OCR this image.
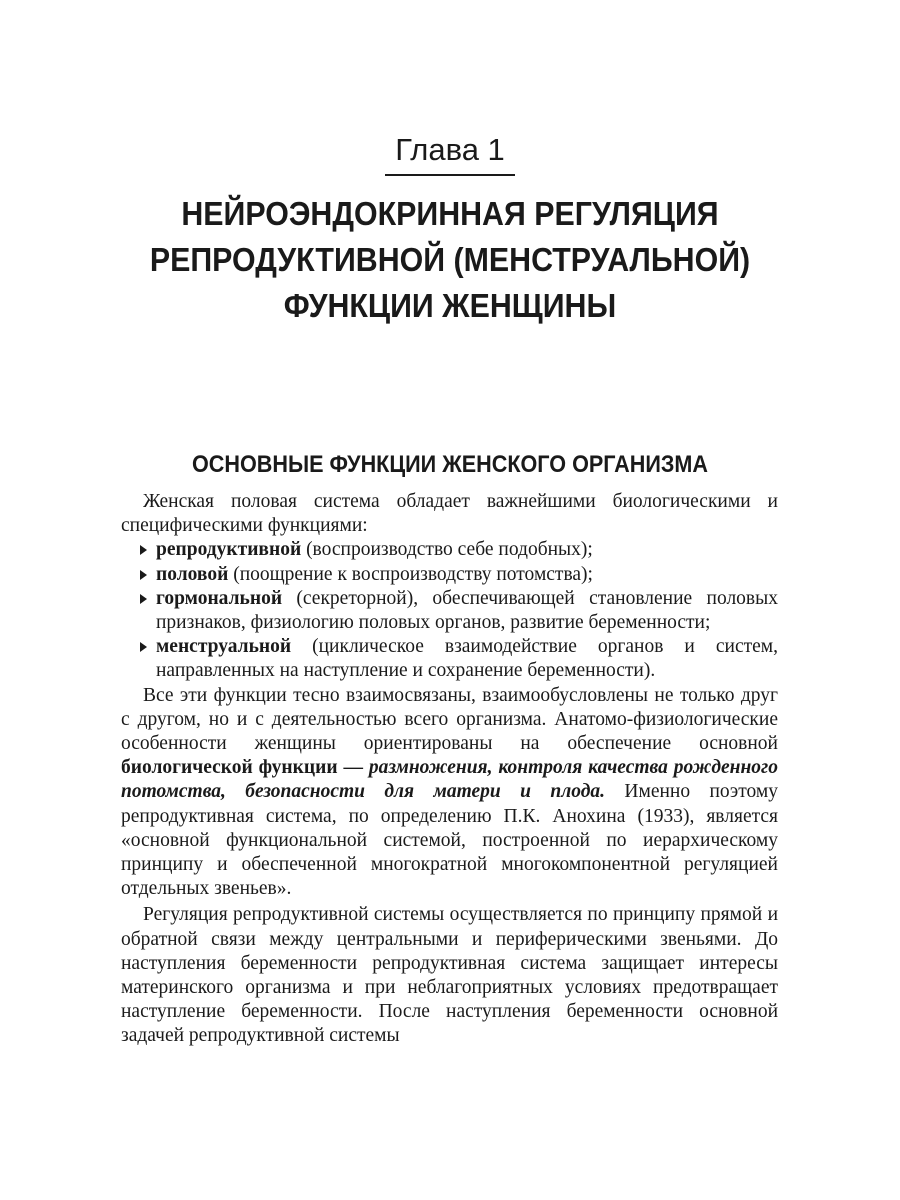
Глава 1
НЕЙРОЭНДОКРИННАЯ РЕГУЛЯЦИЯ
РЕПРОДУКТИВНОЙ (МЕНСТРУАЛЬНОЙ)
ФУНКЦИИ ЖЕНЩИНЫ
ОСНОВНЫЕ ФУНКЦИИ ЖЕНСКОГО ОРГАНИЗМА

Женская половая система обладает важнейшими биологическими и специфическими функциями:

репродуктивной (воспроизводство себе подобных);
половой (поощрение к воспроизводству потомства);
гормональной (секреторной), обеспечивающей становление половых признаков, физиологию половых органов, развитие беременности;
менструальной (циклическое взаимодействие органов и систем, направленных на наступление и сохранение беременности).

Все эти функции тесно взаимосвязаны, взаимообусловлены не только друг с другом, но и с деятельностью всего организма. Анатомо-физиологические особенности женщины ориентированы на обеспечение основной биологической функции — размножения, контроля качества рожденного потомства, безопасности для матери и плода. Именно поэтому репродуктивная система, по определению П.К. Анохина (1933), является «основной функциональной системой, построенной по иерархическому принципу и обеспеченной многократной многокомпонентной регуляцией отдельных звеньев».

Регуляция репродуктивной системы осуществляется по принципу прямой и обратной связи между центральными и периферическими звеньями. До наступления беременности репродуктивная система защищает интересы материнского организма и при неблагоприятных условиях предотвращает наступление беременности. После наступления беременности основной задачей репродуктивной системы
